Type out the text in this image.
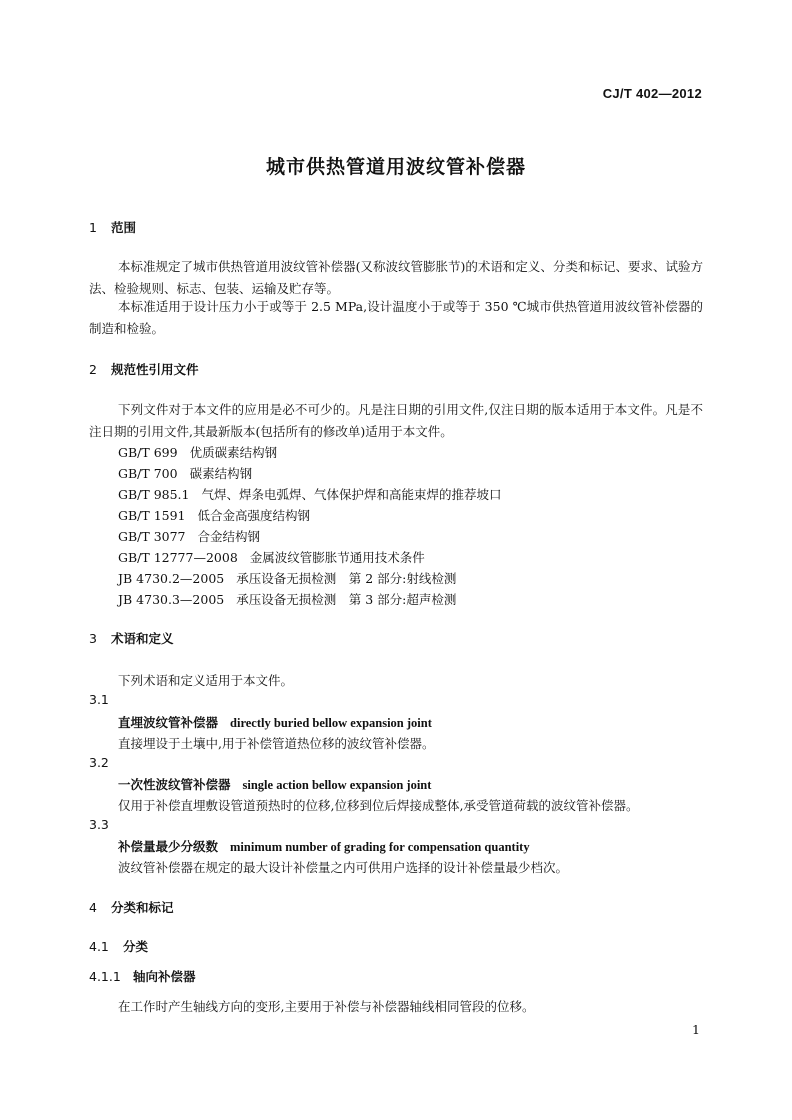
CJ/T 402—2012
城市供热管道用波纹管补偿器
1 范围
本标准规定了城市供热管道用波纹管补偿器(又称波纹管膨胀节)的术语和定义、分类和标记、要求、试验方法、检验规则、标志、包装、运输及贮存等。
本标准适用于设计压力小于或等于 2.5 MPa,设计温度小于或等于 350 ℃城市供热管道用波纹管补偿器的制造和检验。
2 规范性引用文件
下列文件对于本文件的应用是必不可少的。凡是注日期的引用文件,仅注日期的版本适用于本文件。凡是不注日期的引用文件,其最新版本(包括所有的修改单)适用于本文件。
GB/T 699 优质碳素结构钢
GB/T 700 碳素结构钢
GB/T 985.1 气焊、焊条电弧焊、气体保护焊和高能束焊的推荐坡口
GB/T 1591 低合金高强度结构钢
GB/T 3077 合金结构钢
GB/T 12777—2008 金属波纹管膨胀节通用技术条件
JB 4730.2—2005 承压设备无损检测　第 2 部分:射线检测
JB 4730.3—2005 承压设备无损检测　第 3 部分:超声检测
3 术语和定义
下列术语和定义适用于本文件。
3.1
直埋波纹管补偿器 directly buried bellow expansion joint
直接埋设于土壤中,用于补偿管道热位移的波纹管补偿器。
3.2
一次性波纹管补偿器 single action bellow expansion joint
仅用于补偿直埋敷设管道预热时的位移,位移到位后焊接成整体,承受管道荷载的波纹管补偿器。
3.3
补偿量最少分级数 minimum number of grading for compensation quantity
波纹管补偿器在规定的最大设计补偿量之内可供用户选择的设计补偿量最少档次。
4 分类和标记
4.1 分类
4.1.1 轴向补偿器
在工作时产生轴线方向的变形,主要用于补偿与补偿器轴线相同管段的位移。
1
